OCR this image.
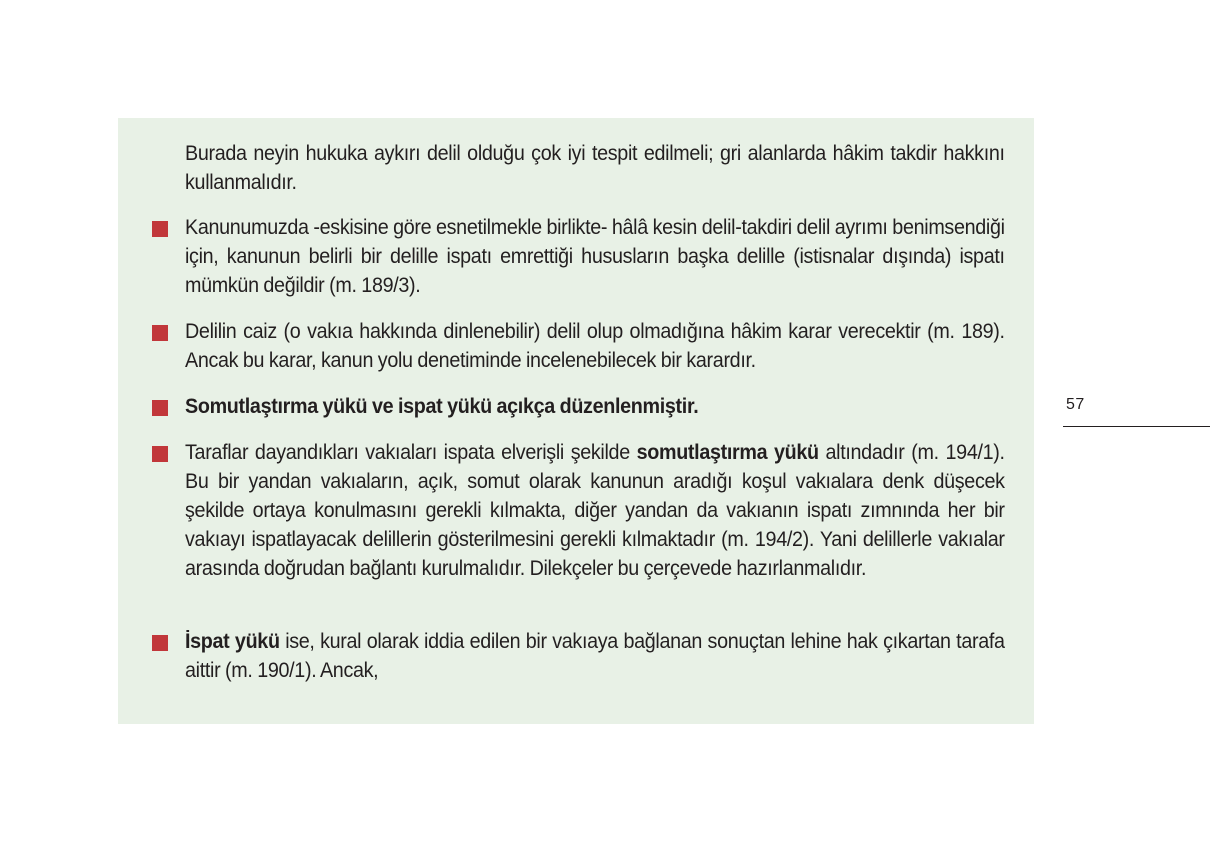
Burada neyin hukuka aykırı delil olduğu çok iyi tespit edilmeli; gri alanlarda hâkim takdir hakkını kullanmalıdır.
Kanunumuzda -eskisine göre esnetilmekle birlikte- hâlâ kesin delil-takdiri delil ayrımı benimsendiği için, kanunun belirli bir delille ispatı emrettiği hususların başka delille (istisnalar dışında) ispatı mümkün değildir (m. 189/3).
Delilin caiz (o vakıa hakkında dinlenebilir) delil olup olmadığına hâkim karar verecektir (m. 189). Ancak bu karar, kanun yolu denetiminde incelenebilecek bir karardır.
Somutlaştırma yükü ve ispat yükü açıkça düzenlenmiştir.
Taraflar dayandıkları vakıaları ispata elverişli şekilde somutlaştırma yükü altındadır (m. 194/1). Bu bir yandan vakıaların, açık, somut olarak kanunun aradığı koşul vakıalara denk düşecek şekilde ortaya konulmasını gerekli kılmakta, diğer yandan da vakıanın ispatı zımnında her bir vakıayı ispatlayacak delillerin gösterilmesini gerekli kılmaktadır (m. 194/2). Yani delillerle vakıalar arasında doğrudan bağlantı kurulmalıdır. Dilekçeler bu çerçevede hazırlanmalıdır.
İspat yükü ise, kural olarak iddia edilen bir vakıaya bağlanan sonuçtan lehine hak çıkartan tarafa aittir (m. 190/1). Ancak,
57
